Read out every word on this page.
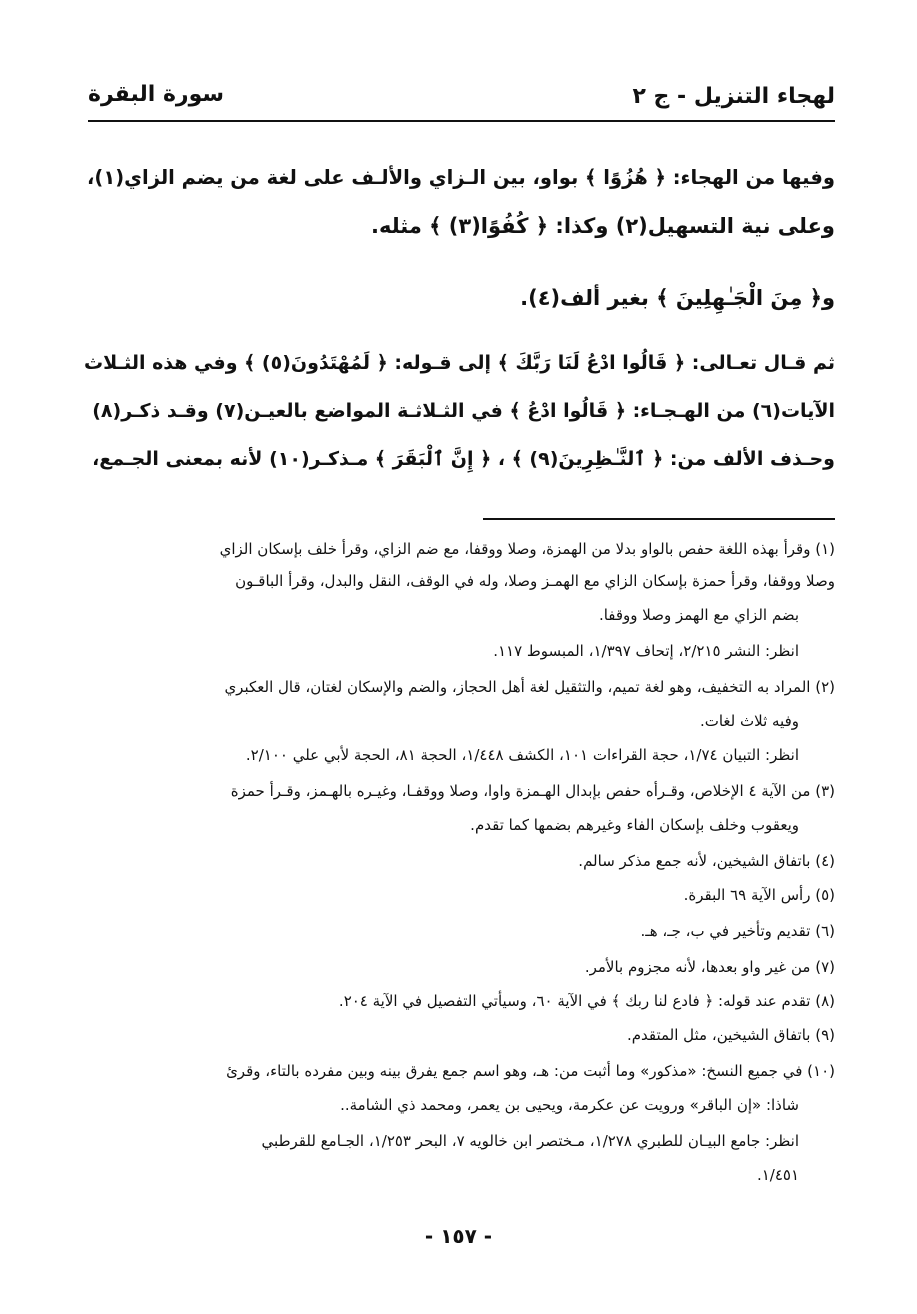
لهجاء التنزيل - ج ٢
سورة البقرة
وفيها من الهجاء: ﴿ هُزُوًا ﴾ بواو، بين الـزاي والألـف على لغة من يضم الزاي(١)،
وعلى نية التسهيل(٢) وكذا: ﴿ كُفُوًا(٣) ﴾ مثله.
و﴿ مِنَ الْجَـٰهِلِينَ ﴾ بغير ألف(٤).
ثم قـال تعـالى: ﴿ قَالُوا ادْعُ لَنَا رَبَّكَ ﴾ إلى قـوله: ﴿ لَمُهْتَدُونَ(٥) ﴾ وفي هذه الثـلاث
الآيات(٦) من الهـجـاء: ﴿ قَالُوا ادْعُ ﴾ في الثـلاثـة المواضع بالعيـن(٧) وقـد ذكـر(٨)
وحـذف الألف من: ﴿ ٱلنَّـٰظِرِينَ(٩) ﴾ ، ﴿ إِنَّ ٱلْبَقَرَ ﴾ مـذكـر(١٠) لأنه بمعنى الجـمع،
(١) وقرأ بهذه اللغة حفص بالواو بدلا من الهمزة، وصلا ووقفا، مع ضم الزاي، وقرأ خلف بإسكان الزاي
وصلا ووقفا، وقرأ حمزة بإسكان الزاي مع الهمـز وصلا، وله في الوقف، النقل والبدل، وقرأ الباقـون
بضم الزاي مع الهمز وصلا ووقفا.
انظر: النشر ٢/٢١٥، إتحاف ١/٣٩٧، المبسوط ١١٧.
(٢) المراد به التخفيف، وهو لغة تميم، والتثقيل لغة أهل الحجاز، والضم والإسكان لغتان، قال العكبري
وفيه ثلاث لغات.
انظر: التبيان ١/٧٤، حجة القراءات ١٠١، الكشف ١/٤٤٨، الحجة ٨١، الحجة لأبي علي ٢/١٠٠.
(٣) من الآية ٤ الإخلاص، وقـرأه حفص بإبدال الهـمزة واوا، وصلا ووقفـا، وغيـره بالهـمز، وقـرأ حمزة
ويعقوب وخلف بإسكان الفاء وغيرهم بضمها كما تقدم.
(٤) باتفاق الشيخين، لأنه جمع مذكر سالم.
(٥) رأس الآية ٦٩ البقرة.
(٦) تقديم وتأخير في ب، جـ، هـ.
(٧) من غير واو بعدها، لأنه مجزوم بالأمر.
(٨) تقدم عند قوله: ﴿ فادع لنا ربك ﴾ في الآية ٦٠، وسيأتي التفصيل في الآية ٢٠٤.
(٩) باتفاق الشيخين، مثل المتقدم.
(١٠) في جميع النسخ: «مذكور» وما أثبت من: هـ، وهو اسم جمع يفرق بينه وبين مفرده بالتاء، وقرئ
شاذا: «إن الباقر» ورويت عن عكرمة، ويحيى بن يعمر، ومحمد ذي الشامة..
انظر: جامع البيـان للطبري ١/٢٧٨، مـختصر ابن خالويه ٧، البحر ١/٢٥٣، الجـامع للقرطبي
١/٤٥١.
- ١٥٧ -
